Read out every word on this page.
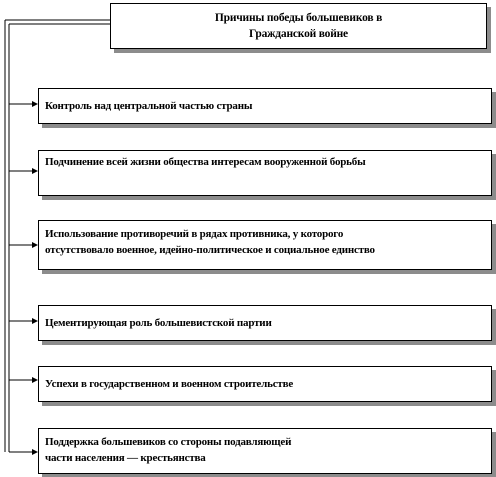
Причины победы большевиков в
Гражданской войне
Контроль над центральной частью страны
Подчинение всей жизни общества интересам вооруженной борьбы
Использование противоречий в рядах противника, у которого
отсутствовало военное, идейно-политическое и социальное единство
Цементирующая роль большевистской партии
Успехи в государственном и военном строительстве
Поддержка большевиков со стороны подавляющей
части населения — крестьянства
